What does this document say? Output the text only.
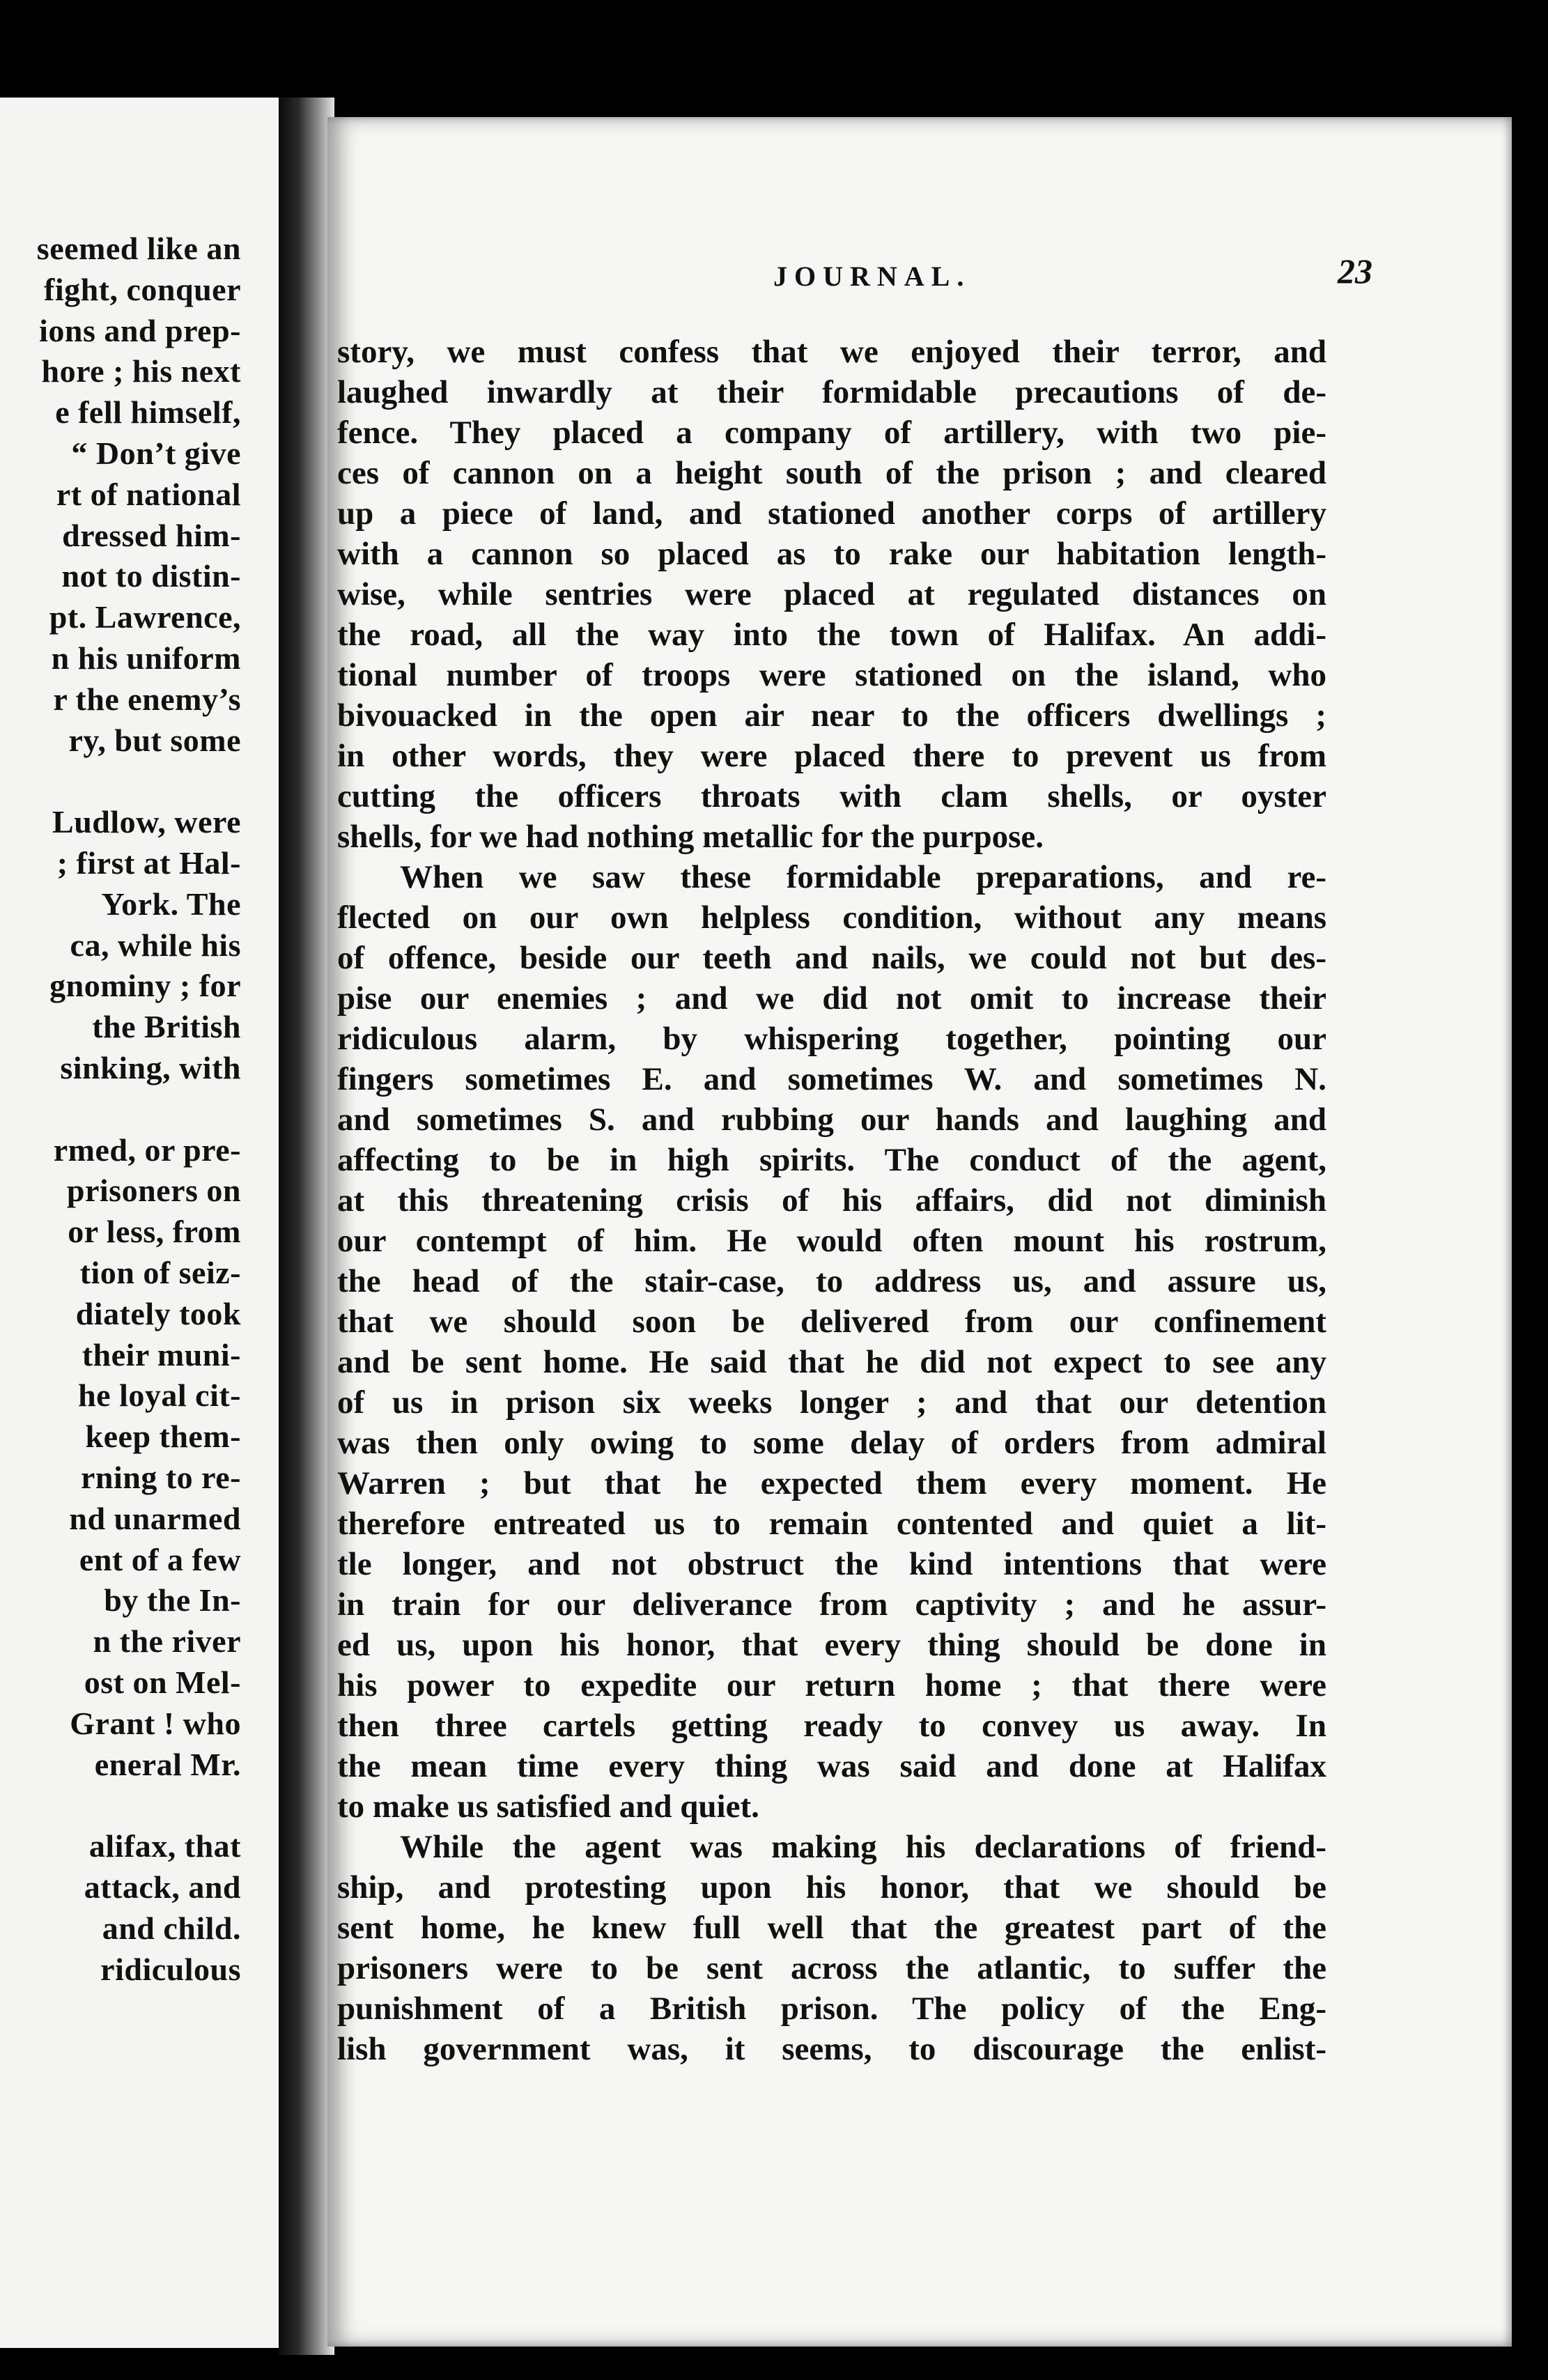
seemed like an
fight, conquer
ions and prep-
hore ; his next
e fell himself,
“ Don’t give
rt of national
dressed him-
not to distin-
pt. Lawrence,
n his uniform
r the enemy’s
ry, but some
Ludlow, were
; first at Hal-
York. The
ca, while his
gnominy ; for
the British
sinking, with
rmed, or pre-
prisoners on
or less, from
tion of seiz-
diately took
their muni-
he loyal cit-
keep them-
rning to re-
nd unarmed
ent of a few
by the In-
n the river
ost on Mel-
Grant ! who
eneral Mr.
alifax, that
attack, and
and child.
ridiculous
JOURNAL.	23
story, we must confess that we enjoyed their terror, and
laughed inwardly at their formidable precautions of de-
fence. They placed a company of artillery, with two pie-
ces of cannon on a height south of the prison ; and cleared
up a piece of land, and stationed another corps of artillery
with a cannon so placed as to rake our habitation length-
wise, while sentries were placed at regulated distances on
the road, all the way into the town of Halifax. An addi-
tional number of troops were stationed on the island, who
bivouacked in the open air near to the officers dwellings ;
in other words, they were placed there to prevent us from
cutting the officers throats with clam shells, or oyster
shells, for we had nothing metallic for the purpose.
When we saw these formidable preparations, and re-
flected on our own helpless condition, without any means
of offence, beside our teeth and nails, we could not but des-
pise our enemies ; and we did not omit to increase their
ridiculous alarm, by whispering together, pointing our
fingers sometimes E. and sometimes W. and sometimes N.
and sometimes S. and rubbing our hands and laughing and
affecting to be in high spirits. The conduct of the agent,
at this threatening crisis of his affairs, did not diminish
our contempt of him. He would often mount his rostrum,
the head of the stair-case, to address us, and assure us,
that we should soon be delivered from our confinement
and be sent home. He said that he did not expect to see any
of us in prison six weeks longer ; and that our detention
was then only owing to some delay of orders from admiral
Warren ; but that he expected them every moment. He
therefore entreated us to remain contented and quiet a lit-
tle longer, and not obstruct the kind intentions that were
in train for our deliverance from captivity ; and he assur-
ed us, upon his honor, that every thing should be done in
his power to expedite our return home ; that there were
then three cartels getting ready to convey us away. In
the mean time every thing was said and done at Halifax
to make us satisfied and quiet.
While the agent was making his declarations of friend-
ship, and protesting upon his honor, that we should be
sent home, he knew full well that the greatest part of the
prisoners were to be sent across the atlantic, to suffer the
punishment of a British prison. The policy of the Eng-
lish government was, it seems, to discourage the enlist-
